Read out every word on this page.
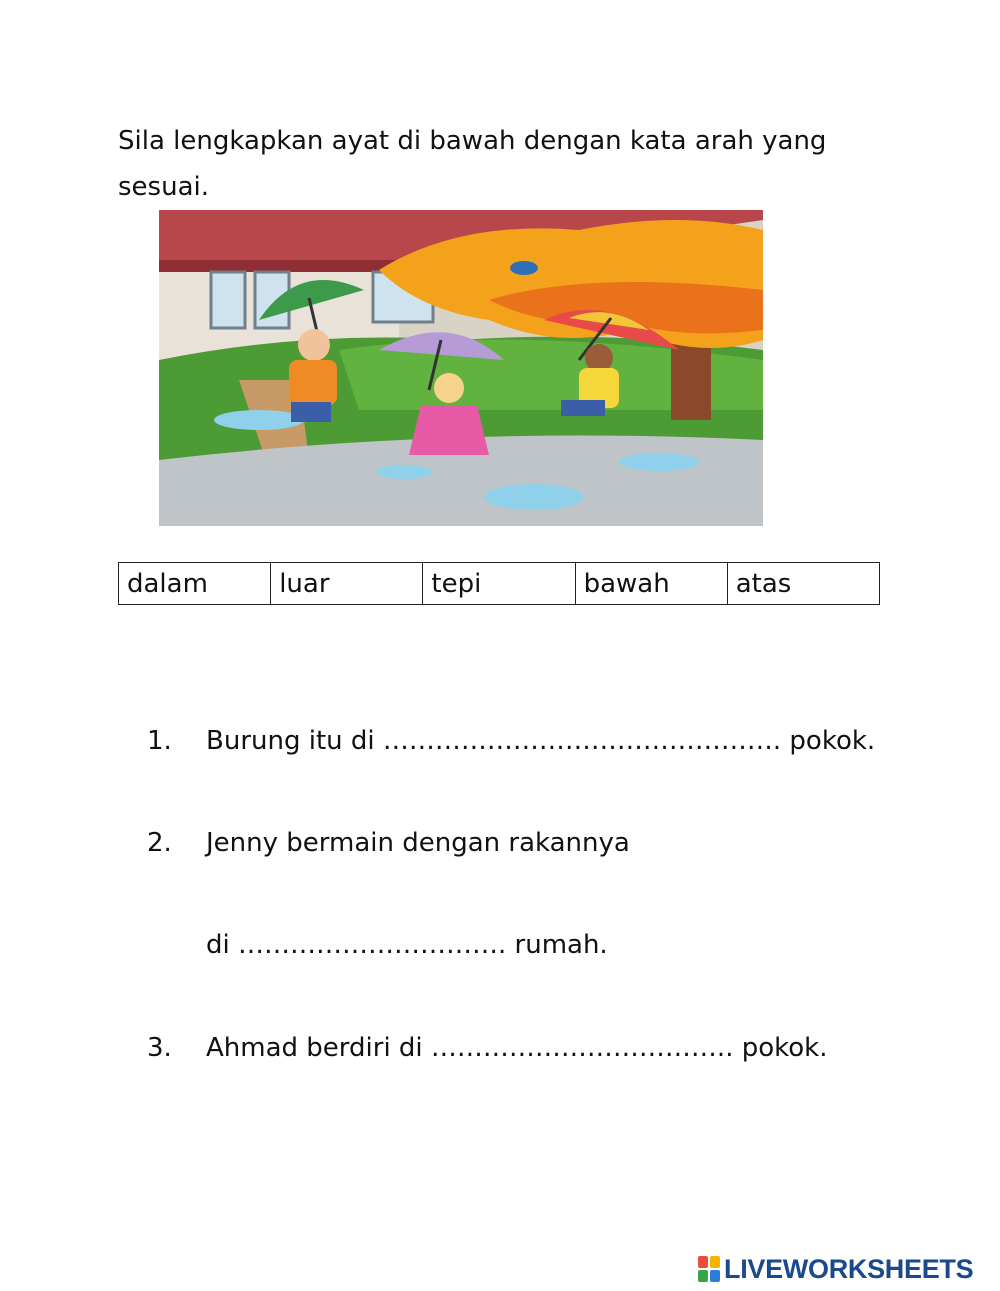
Sila lengkapkan ayat di bawah dengan kata arah yang sesuai.
dalam	luar	tepi	bawah	atas
1. Burung itu di ………………………………………. pokok.
2. Jenny bermain dengan rakannya
di …………………………. rumah.
3. Ahmad berdiri di …………………………….. pokok.
LIVEWORKSHEETS
